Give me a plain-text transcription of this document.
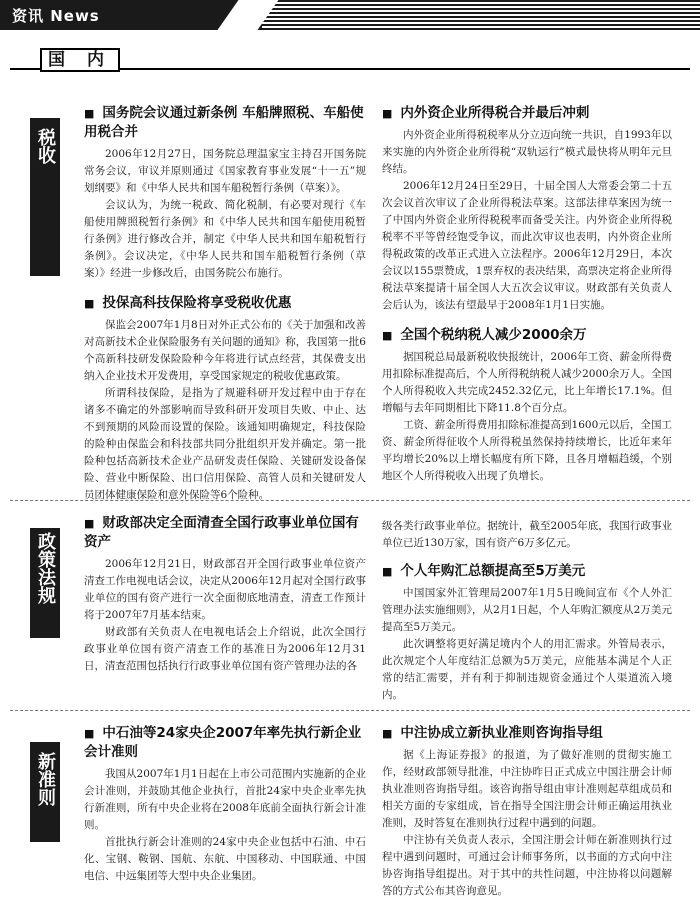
资讯 News
国 内
税收
政策法规
新准则
■ 国务院会议通过新条例 车船牌照税、车船使用税合并

2006年12月27日，国务院总理温家宝主持召开国务院常务会议，审议并原则通过《国家教育事业发展“十一五”规划纲要》和《中华人民共和国车船税暂行条例（草案）》。

会议认为，为统一税政、简化税制，有必要对现行《车船使用牌照税暂行条例》和《中华人民共和国车船使用税暂行条例》进行修改合并，制定《中华人民共和国车船税暂行条例》。会议决定，《中华人民共和国车船税暂行条例（草案）》经进一步修改后，由国务院公布施行。

■ 投保高科技保险将享受税收优惠

保监会2007年1月8日对外正式公布的《关于加强和改善对高新技术企业保险服务有关问题的通知》称，我国第一批6个高新科技研发保险险种今年将进行试点经营，其保费支出纳入企业技术开发费用，享受国家规定的税收优惠政策。

所谓科技保险，是指为了规避科研开发过程中由于存在诸多不确定的外部影响而导致科研开发项目失败、中止、达不到预期的风险而设置的保险。该通知明确规定，科技保险的险种由保监会和科技部共同分批组织开发并确定。第一批险种包括高新技术企业产品研发责任保险、关键研发设备保险、营业中断保险、出口信用保险、高管人员和关键研发人员团体健康保险和意外保险等6个险种。

■ 内外资企业所得税合并最后冲刺

内外资企业所得税税率从分立迈向统一共识，自1993年以来实施的内外资企业所得税“双轨运行”模式最快将从明年元旦终结。

2006年12月24日至29日，十届全国人大常委会第二十五次会议首次审议了企业所得税法草案。这部法律草案因为统一了中国内外资企业所得税税率而备受关注。内外资企业所得税税率不平等曾经饱受争议，而此次审议也表明，内外资企业所得税政策的改革正式进入立法程序。2006年12月29日，本次会议以155票赞成，1票弃权的表决结果，高票决定将企业所得税法草案提请十届全国人大五次会议审议。财政部有关负责人会后认为，该法有望最早于2008年1月1日实施。

■ 全国个税纳税人减少2000余万

据国税总局最新税收快报统计，2006年工资、薪金所得费用扣除标准提高后，个人所得税纳税人减少2000余万人。全国个人所得税收入共完成2452.32亿元，比上年增长17.1%。但增幅与去年同期相比下降11.8个百分点。

工资、薪金所得费用扣除标准提高到1600元以后，全国工资、薪金所得征收个人所得税虽然保持持续增长，比近年来年平均增长20%以上增长幅度有所下降，且各月增幅趋缓，个别地区个人所得税收入出现了负增长。

■ 财政部决定全面清查全国行政事业单位国有资产

2006年12月21日，财政部召开全国行政事业单位资产清查工作电视电话会议，决定从2006年12月起对全国行政事业单位的国有资产进行一次全面彻底地清查，清查工作预计将于2007年7月基本结束。

财政部有关负责人在电视电话会上介绍说，此次全国行政事业单位国有资产清查工作的基准日为2006年12月31日，清查范围包括执行行政事业单位国有资产管理办法的各

级各类行政事业单位。据统计，截至2005年底，我国行政事业单位已近130万家，国有资产6万多亿元。

■ 个人年购汇总额提高至5万美元

中国国家外汇管理局2007年1月5日晚间宣布《个人外汇管理办法实施细则》，从2月1日起，个人年购汇额度从2万美元提高至5万美元。

此次调整将更好满足境内个人的用汇需求。外管局表示，此次规定个人年度结汇总额为5万美元，应能基本满足个人正常的结汇需要，并有利于抑制违规资金通过个人渠道流入境内。

■ 中石油等24家央企2007年率先执行新企业会计准则

我国从2007年1月1日起在上市公司范围内实施新的企业会计准则，并鼓励其他企业执行，首批24家中央企业率先执行新准则，所有中央企业将在2008年底前全面执行新会计准则。

首批执行新会计准则的24家中央企业包括中石油、中石化、宝钢、鞍钢、国航、东航、中国移动、中国联通、中国电信、中远集团等大型中央企业集团。

■ 中注协成立新执业准则咨询指导组

据《上海证券报》的报道，为了做好准则的贯彻实施工作，经财政部领导批准，中注协昨日正式成立中国注册会计师执业准则咨询指导组。该咨询指导组由审计准则起草组成员和相关方面的专家组成，旨在指导全国注册会计师正确运用执业准则，及时答复在准则执行过程中遇到的问题。

中注协有关负责人表示，全国注册会计师在新准则执行过程中遇到问题时，可通过会计师事务所，以书面的方式向中注协咨询指导组提出。对于其中的共性问题，中注协将以问题解答的方式公布其咨询意见。
